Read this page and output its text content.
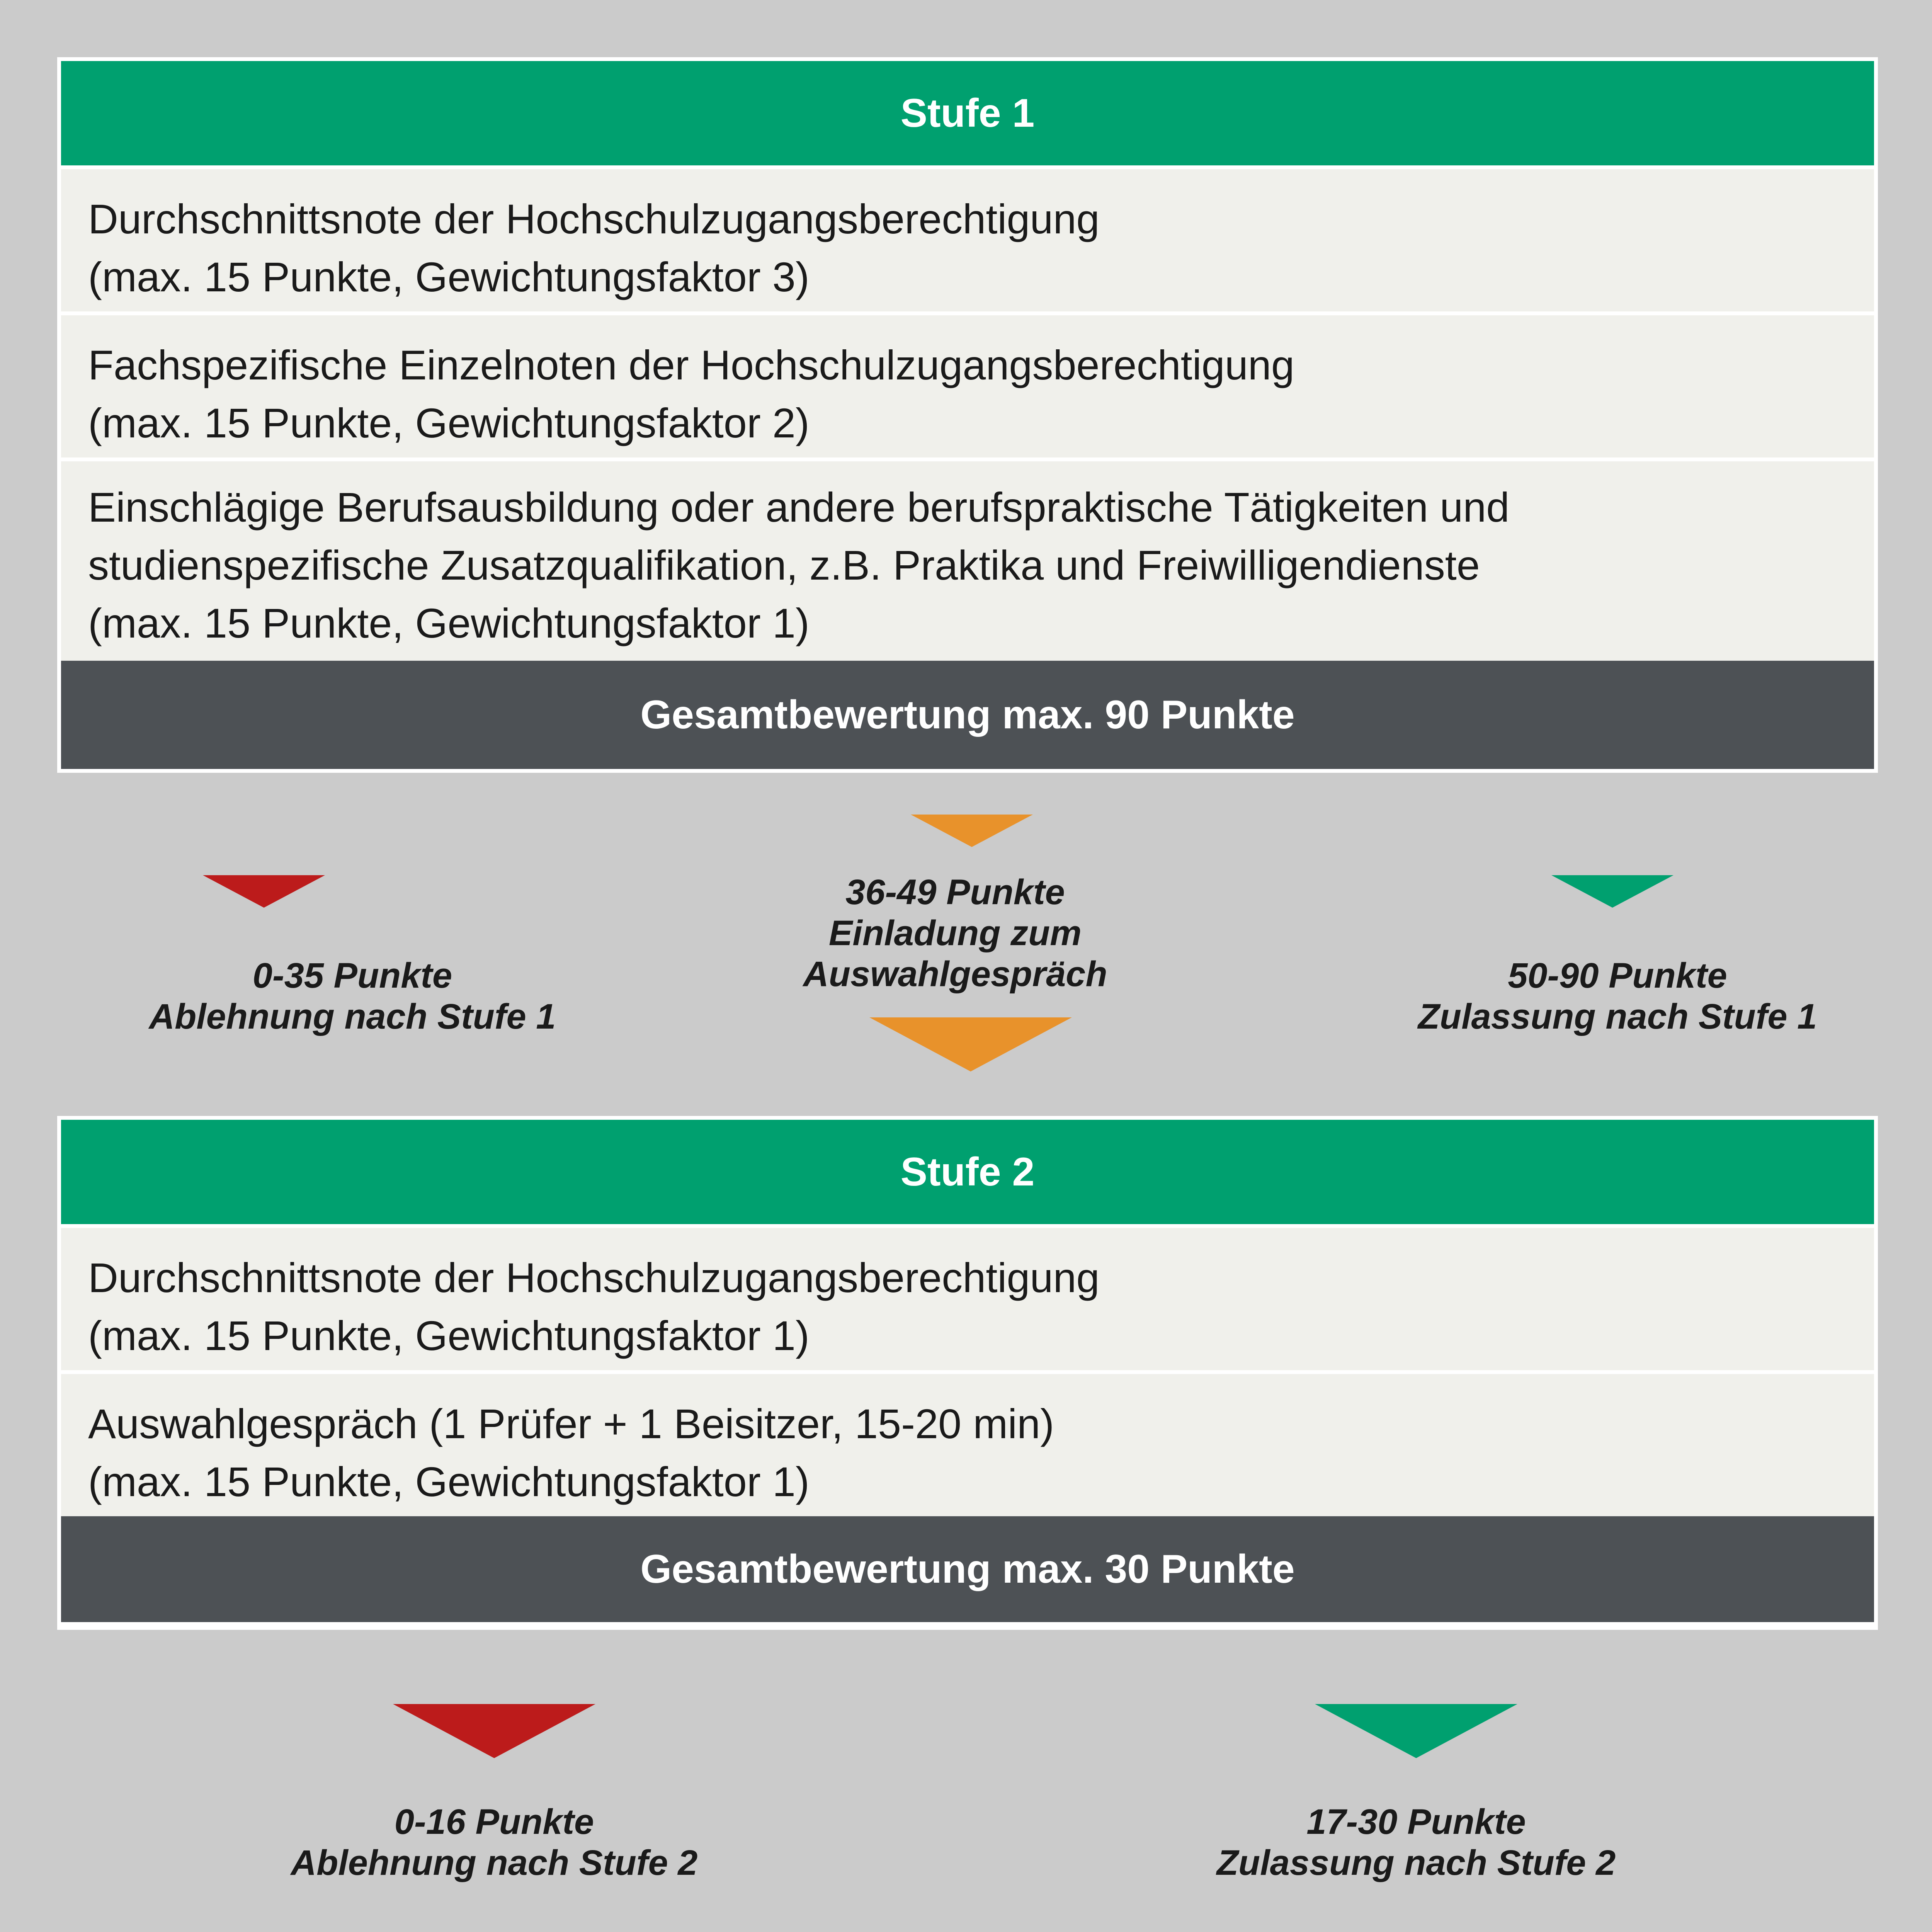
Stufe 1
Durchschnittsnote der Hochschulzugangsberechtigung
(max. 15 Punkte, Gewichtungsfaktor 3)
Fachspezifische Einzelnoten der Hochschulzugangsberechtigung
(max. 15 Punkte, Gewichtungsfaktor 2)
Einschlägige Berufsausbildung oder andere berufspraktische Tätigkeiten und
studienspezifische Zusatzqualifikation, z.B. Praktika und Freiwilligendienste
(max. 15 Punkte, Gewichtungsfaktor 1)
Gesamtbewertung max. 90 Punkte
0-35 Punkte
Ablehnung nach Stufe 1
36-49 Punkte
Einladung zum
Auswahlgespräch	50-90 Punkte
Zulassung nach Stufe 1
Stufe 2
Durchschnittsnote der Hochschulzugangsberechtigung
(max. 15 Punkte, Gewichtungsfaktor 1)
Auswahlgespräch (1 Prüfer + 1 Beisitzer, 15-20 min)
(max. 15 Punkte, Gewichtungsfaktor 1)
Gesamtbewertung max. 30 Punkte
0-16 Punkte
Ablehnung nach Stufe 2
17-30 Punkte
Zulassung nach Stufe 2
